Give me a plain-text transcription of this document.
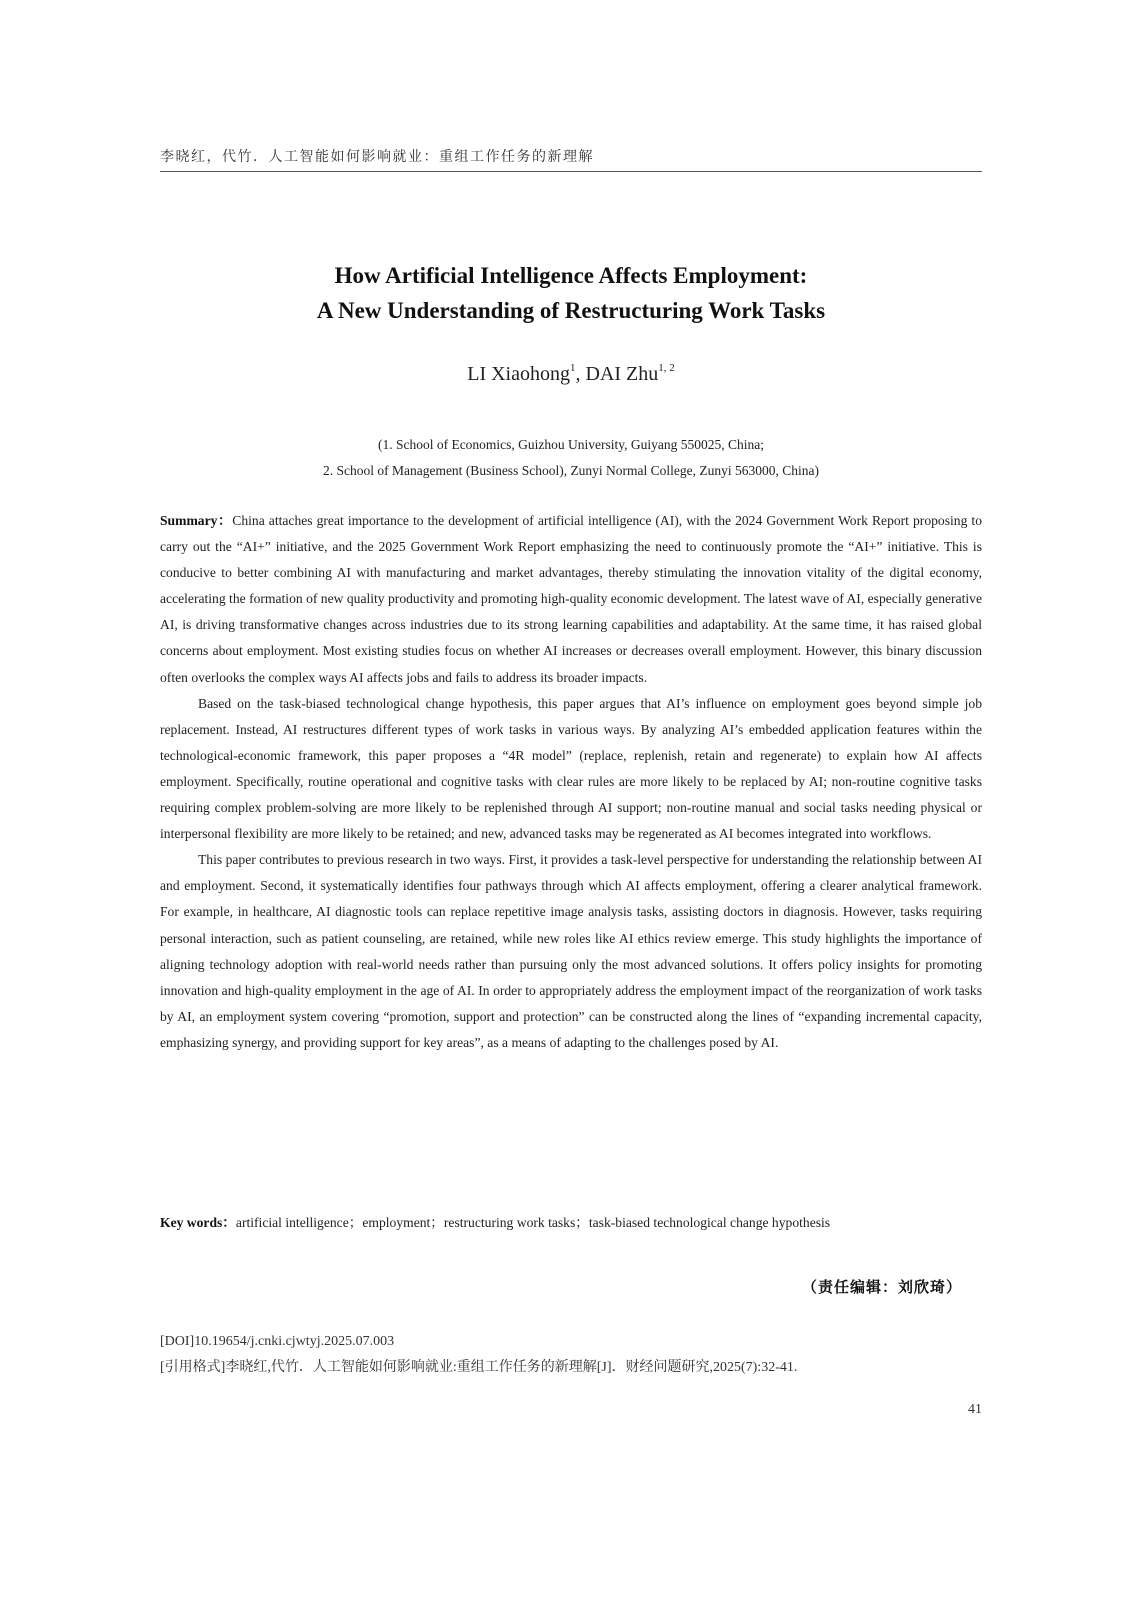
李晓红，代竹．人工智能如何影响就业：重组工作任务的新理解
How Artificial Intelligence Affects Employment:
A New Understanding of Restructuring Work Tasks
LI Xiaohong$^1$, DAI Zhu$^{1, 2}$
(1. School of Economics, Guizhou University, Guiyang 550025, China;
2. School of Management (Business School), Zunyi Normal College, Zunyi 563000, China)

Summary：China attaches great importance to the development of artificial intelligence (AI), with the 2024 Government Work Report proposing to carry out the “AI+” initiative, and the 2025 Government Work Report emphasizing the need to continuously promote the “AI+” initiative. This is conducive to better combining AI with manufacturing and market advantages, thereby stimulating the innovation vitality of the digital economy, accelerating the formation of new quality productivity and promoting high-quality economic development. The latest wave of AI, especially generative AI, is driving transformative changes across industries due to its strong learning capabilities and adaptability. At the same time, it has raised global concerns about employment. Most existing studies focus on whether AI increases or decreases overall employment. However, this binary discussion often overlooks the complex ways AI affects jobs and fails to address its broader impacts.

Based on the task-biased technological change hypothesis, this paper argues that AI’s influence on employment goes beyond simple job replacement. Instead, AI restructures different types of work tasks in various ways. By analyzing AI’s embedded application features within the technological-economic framework, this paper proposes a “4R model” (replace, replenish, retain and regenerate) to explain how AI affects employment. Specifically, routine operational and cognitive tasks with clear rules are more likely to be replaced by AI; non-routine cognitive tasks requiring complex problem-solving are more likely to be replenished through AI support; non-routine manual and social tasks needing physical or interpersonal flexibility are more likely to be retained; and new, advanced tasks may be regenerated as AI becomes integrated into workflows.

This paper contributes to previous research in two ways. First, it provides a task-level perspective for understanding the relationship between AI and employment. Second, it systematically identifies four pathways through which AI affects employment, offering a clearer analytical framework. For example, in healthcare, AI diagnostic tools can replace repetitive image analysis tasks, assisting doctors in diagnosis. However, tasks requiring personal interaction, such as patient counseling, are retained, while new roles like AI ethics review emerge. This study highlights the importance of aligning technology adoption with real-world needs rather than pursuing only the most advanced solutions. It offers policy insights for promoting innovation and high-quality employment in the age of AI. In order to appropriately address the employment impact of the reorganization of work tasks by AI, an employment system covering “promotion, support and protection” can be constructed along the lines of “expanding incremental capacity, emphasizing synergy, and providing support for key areas”, as a means of adapting to the challenges posed by AI.

Key words：artificial intelligence；employment；restructuring work tasks；task-biased technological change hypothesis
（责任编辑：刘欣琦）
[DOI]10.19654/j.cnki.cjwtyj.2025.07.003
[引用格式]李晓红,代竹．人工智能如何影响就业:重组工作任务的新理解[J]．财经问题研究,2025(7):32-41.
41
